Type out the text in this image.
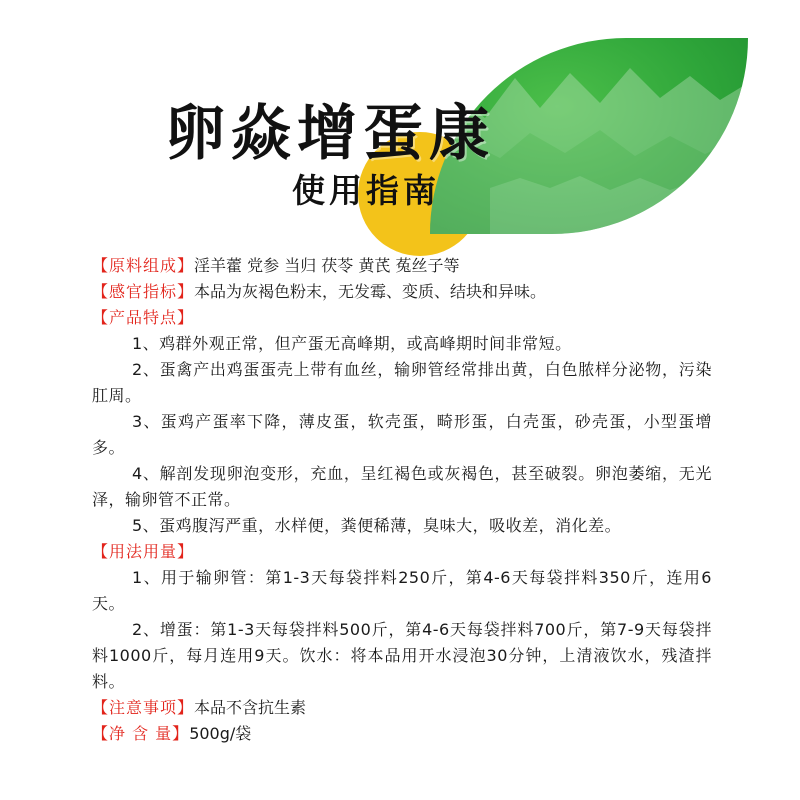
卵焱增蛋康
使用指南
【原料组成】淫羊藿 党参 当归 茯苓 黄芪 菟丝子等
【感官指标】本品为灰褐色粉末，无发霉、变质、结块和异味。
【产品特点】
1、鸡群外观正常，但产蛋无高峰期，或高峰期时间非常短。
2、蛋禽产出鸡蛋蛋壳上带有血丝，输卵管经常排出黄，白色脓样分泌物，污染肛周。
3、蛋鸡产蛋率下降，薄皮蛋，软壳蛋，畸形蛋，白壳蛋，砂壳蛋，小型蛋增多。
4、解剖发现卵泡变形，充血，呈红褐色或灰褐色，甚至破裂。卵泡萎缩，无光泽，输卵管不正常。
5、蛋鸡腹泻严重，水样便，粪便稀薄，臭味大，吸收差，消化差。
【用法用量】
1、用于输卵管：第1-3天每袋拌料250斤，第4-6天每袋拌料350斤，连用6天。
2、增蛋：第1-3天每袋拌料500斤，第4-6天每袋拌料700斤，第7-9天每袋拌料1000斤，每月连用9天。饮水：将本品用开水浸泡30分钟，上清液饮水，残渣拌料。
【注意事项】本品不含抗生素
【净 含 量】500g/袋
